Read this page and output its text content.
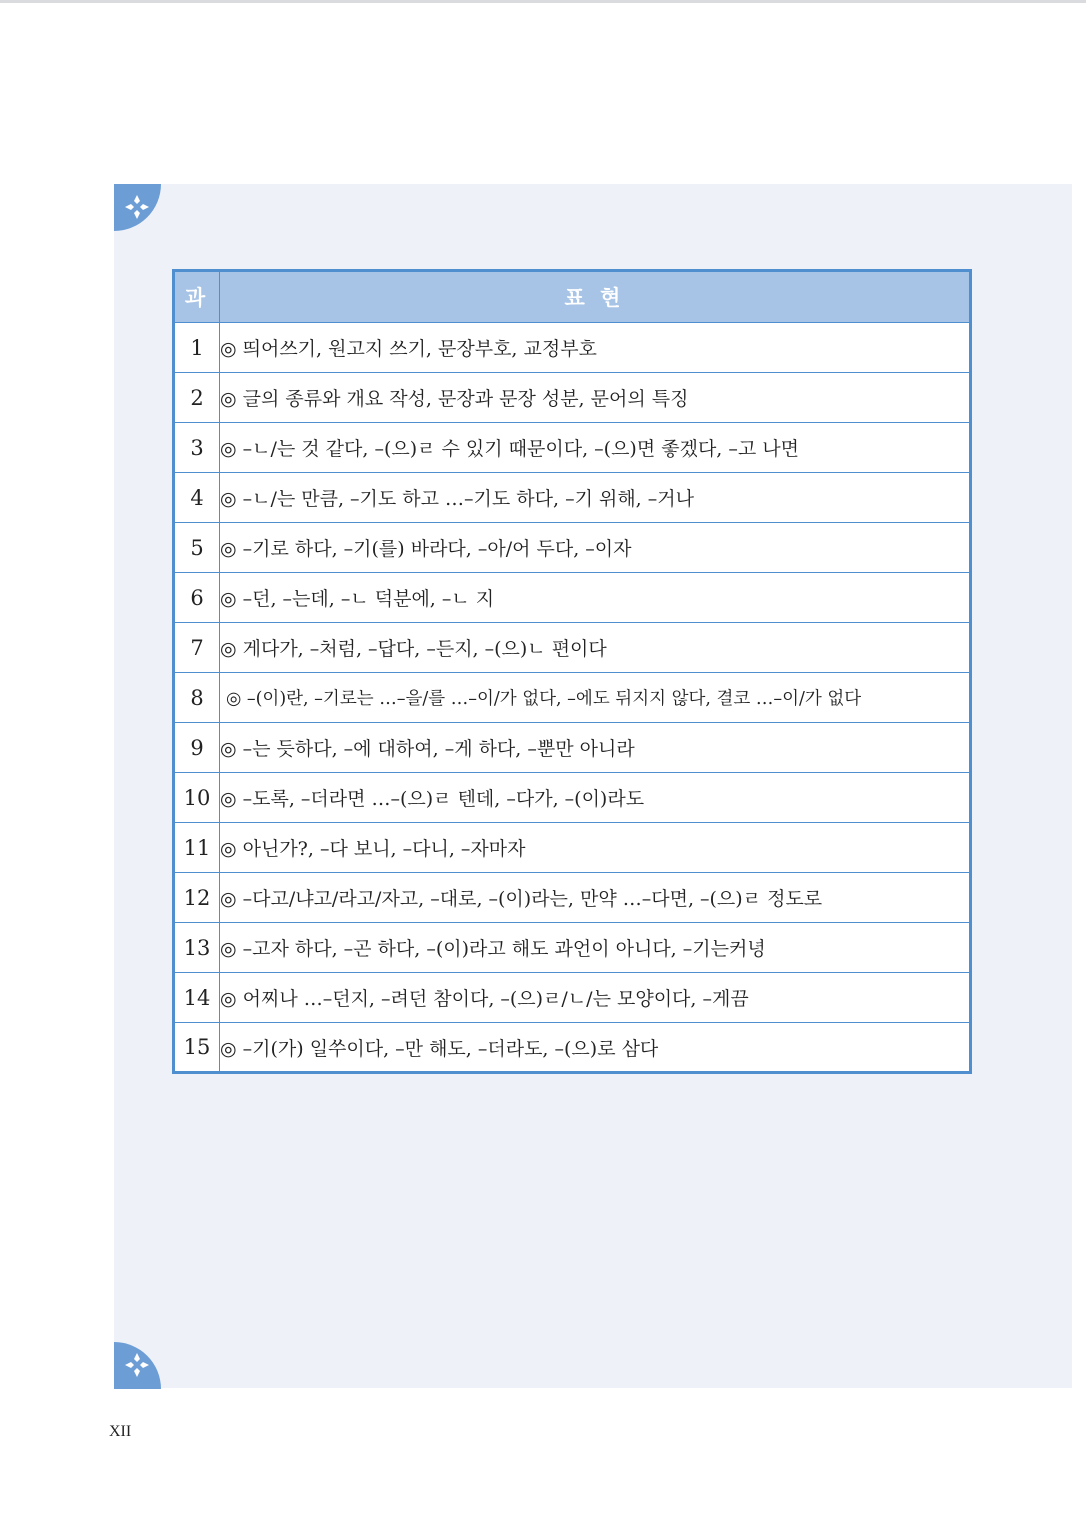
과	표 현
1	◎ 띄어쓰기, 원고지 쓰기, 문장부호, 교정부호
2	◎ 글의 종류와 개요 작성, 문장과 문장 성분, 문어의 특징
3	◎ –ㄴ/는 것 같다, –(으)ㄹ 수 있기 때문이다, –(으)면 좋겠다, –고 나면
4	◎ –ㄴ/는 만큼, –기도 하고 …–기도 하다, –기 위해, –거나
5	◎ –기로 하다, –기(를) 바라다, –아/어 두다, –이자
6	◎ –던, –는데, –ㄴ 덕분에, –ㄴ 지
7	◎ 게다가, –처럼, –답다, –든지, –(으)ㄴ 편이다
8	◎ –(이)란, –기로는 …–을/를 …–이/가 없다, –에도 뒤지지 않다, 결코 …–이/가 없다
9	◎ –는 듯하다, –에 대하여, –게 하다, –뿐만 아니라
10	◎ –도록, –더라면 …–(으)ㄹ 텐데, –다가, –(이)라도
11	◎ 아닌가?, –다 보니, –다니, –자마자
12	◎ –다고/냐고/라고/자고, –대로, –(이)라는, 만약 …–다면, –(으)ㄹ 정도로
13	◎ –고자 하다, –곤 하다, –(이)라고 해도 과언이 아니다, –기는커녕
14	◎ 어찌나 …–던지, –려던 참이다, –(으)ㄹ/ㄴ/는 모양이다, –게끔
15	◎ –기(가) 일쑤이다, –만 해도, –더라도, –(으)로 삼다
XII
